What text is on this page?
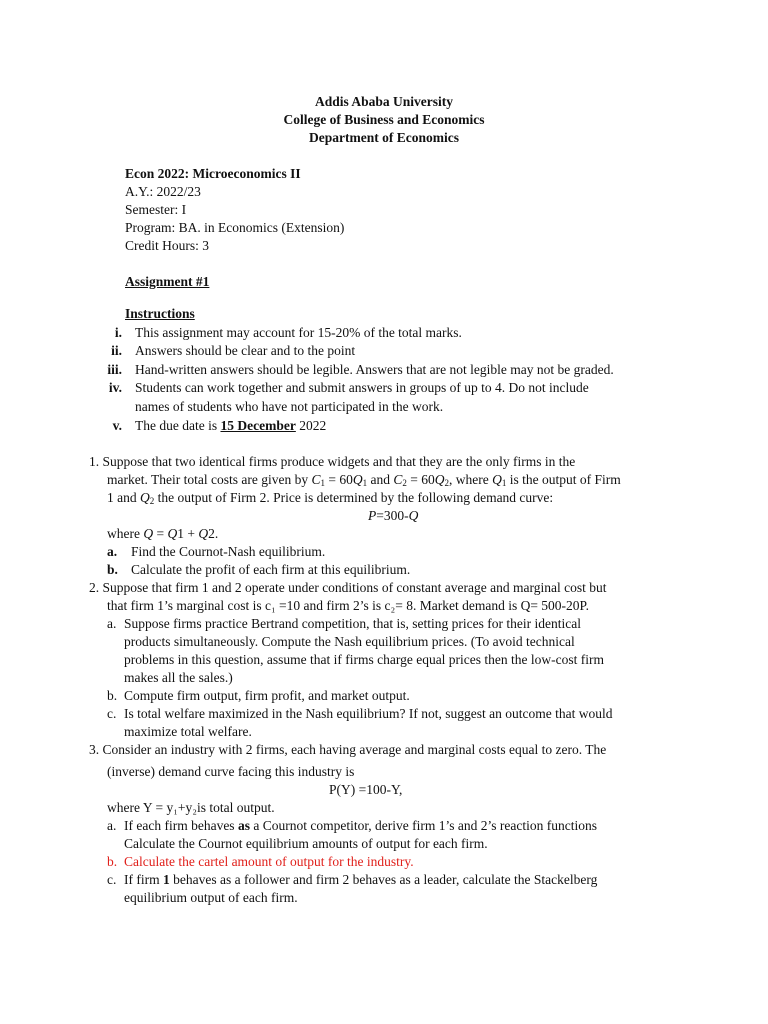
Addis Ababa University
College of Business and Economics
Department of Economics
Econ 2022: Microeconomics II
A.Y.: 2022/23
Semester: I
Program: BA. in Economics (Extension)
Credit Hours: 3
Assignment #1
Instructions
i. This assignment may account for 15-20% of the total marks.
ii. Answers should be clear and to the point
iii. Hand-written answers should be legible. Answers that are not legible may not be graded.
iv. Students can work together and submit answers in groups of up to 4. Do not include
names of students who have not participated in the work.
v. The due date is 15 December 2022
1. Suppose that two identical firms produce widgets and that they are the only firms in the
market. Their total costs are given by $C_1 = 60Q_1$ and $C_2 = 60Q_2$, where $Q_1$ is the output of Firm
1 and $Q_2$ the output of Firm 2. Price is determined by the following demand curve:
P=300-Q
where Q = Q1 + Q2.
a. Find the Cournot-Nash equilibrium.
b. Calculate the profit of each firm at this equilibrium.
2. Suppose that firm 1 and 2 operate under conditions of constant average and marginal cost but
that firm 1’s marginal cost is c₁ =10 and firm 2’s is c₂= 8. Market demand is Q= 500-20P.
a. Suppose firms practice Bertrand competition, that is, setting prices for their identical
products simultaneously. Compute the Nash equilibrium prices. (To avoid technical
problems in this question, assume that if firms charge equal prices then the low-cost firm
makes all the sales.)
b. Compute firm output, firm profit, and market output.
c. Is total welfare maximized in the Nash equilibrium? If not, suggest an outcome that would
maximize total welfare.
3. Consider an industry with 2 firms, each having average and marginal costs equal to zero. The
(inverse) demand curve facing this industry is
P(Y) =100-Y,
where Y = y₁+y₂is total output.
a. If each firm behaves as a Cournot competitor, derive firm 1’s and 2’s reaction functions
Calculate the Cournot equilibrium amounts of output for each firm.
b. Calculate the cartel amount of output for the industry.
c. If firm 1 behaves as a follower and firm 2 behaves as a leader, calculate the Stackelberg
equilibrium output of each firm.
